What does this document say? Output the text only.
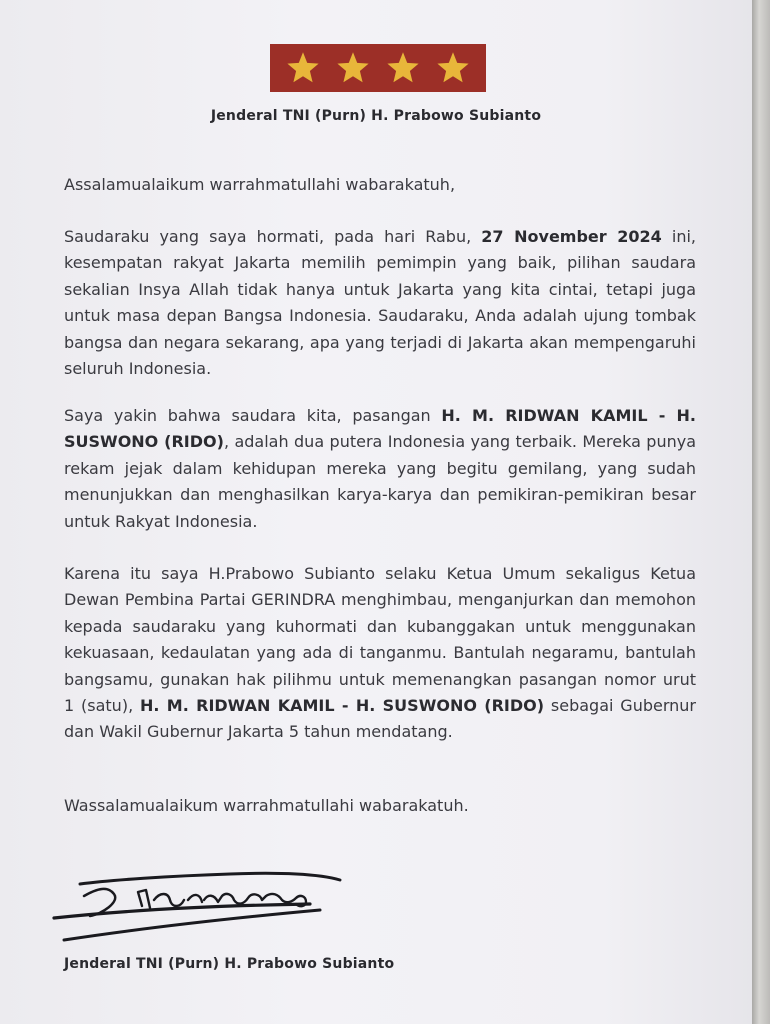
Jenderal TNI (Purn) H. Prabowo Subianto
Assalamualaikum warrahmatullahi wabarakatuh,
Saudaraku yang saya hormati, pada hari Rabu, 27 November 2024 ini, kesempatan rakyat Jakarta memilih pemimpin yang baik, pilihan saudara sekalian Insya Allah tidak hanya untuk Jakarta yang kita cintai, tetapi juga untuk masa depan Bangsa Indonesia. Saudaraku, Anda adalah ujung tombak bangsa dan negara sekarang, apa yang terjadi di Jakarta akan mempengaruhi seluruh Indonesia.
Saya yakin bahwa saudara kita, pasangan H. M. RIDWAN KAMIL - H. SUSWONO (RIDO), adalah dua putera Indonesia yang terbaik. Mereka punya rekam jejak dalam kehidupan mereka yang begitu gemilang, yang sudah menunjukkan dan menghasilkan karya-karya dan pemikiran-pemikiran besar untuk Rakyat Indonesia.
Karena itu saya H.Prabowo Subianto selaku Ketua Umum sekaligus Ketua Dewan Pembina Partai GERINDRA menghimbau, menganjurkan dan memohon kepada saudaraku yang kuhormati dan kubanggakan untuk menggunakan kekuasaan, kedaulatan yang ada di tanganmu. Bantulah negaramu, bantulah bangsamu, gunakan hak pilihmu untuk memenangkan pasangan nomor urut 1 (satu), H. M. RIDWAN KAMIL - H. SUSWONO (RIDO) sebagai Gubernur dan Wakil Gubernur Jakarta 5 tahun mendatang.
Wassalamualaikum warrahmatullahi wabarakatuh.
Jenderal TNI (Purn) H. Prabowo Subianto
